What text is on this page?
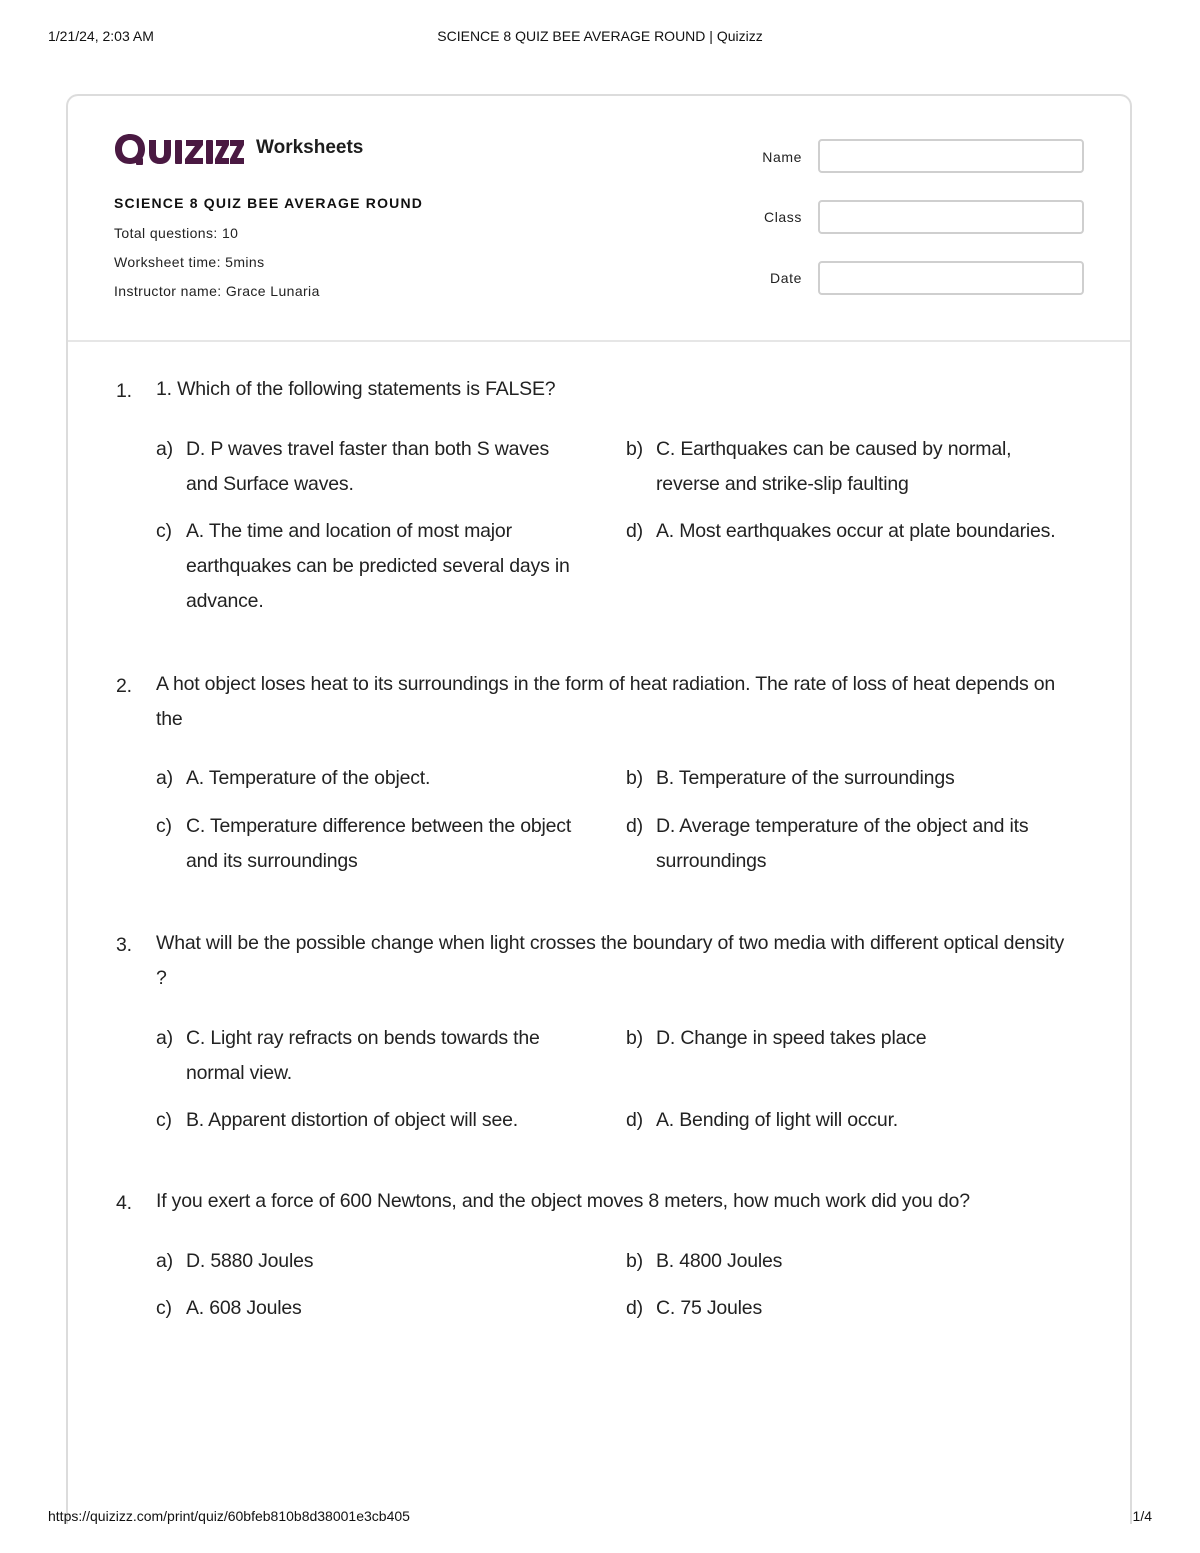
1/21/24, 2:03 AM	SCIENCE 8 QUIZ BEE AVERAGE ROUND | Quizizz
Worksheets
SCIENCE 8 QUIZ BEE AVERAGE ROUND
Total questions: 10
Worksheet time: 5mins
Instructor name: Grace Lunaria
Name
Class
Date
1. 1. Which of the following statements is FALSE?
a) D. P waves travel faster than both S waves and Surface waves.
b) C. Earthquakes can be caused by normal, reverse and strike-slip faulting
c) A. The time and location of most major earthquakes can be predicted several days in advance.
d) A. Most earthquakes occur at plate boundaries.
2. A hot object loses heat to its surroundings in the form of heat radiation. The rate of loss of heat depends on the
a) A. Temperature of the object.	b) B. Temperature of the surroundings
c) C. Temperature difference between the object and its surroundings
d) D. Average temperature of the object and its surroundings
3. What will be the possible change when light crosses the boundary of two media with different optical density ?
a) C. Light ray refracts on bends towards the normal view.
b) D. Change in speed takes place
c) B. Apparent distortion of object will see.	d) A. Bending of light will occur.
4. If you exert a force of 600 Newtons, and the object moves 8 meters, how much work did you do?
a) D. 5880 Joules	b) B. 4800 Joules
c) A. 608 Joules	d) C. 75 Joules
https://quizizz.com/print/quiz/60bfeb810b8d38001e3cb405	1/4
